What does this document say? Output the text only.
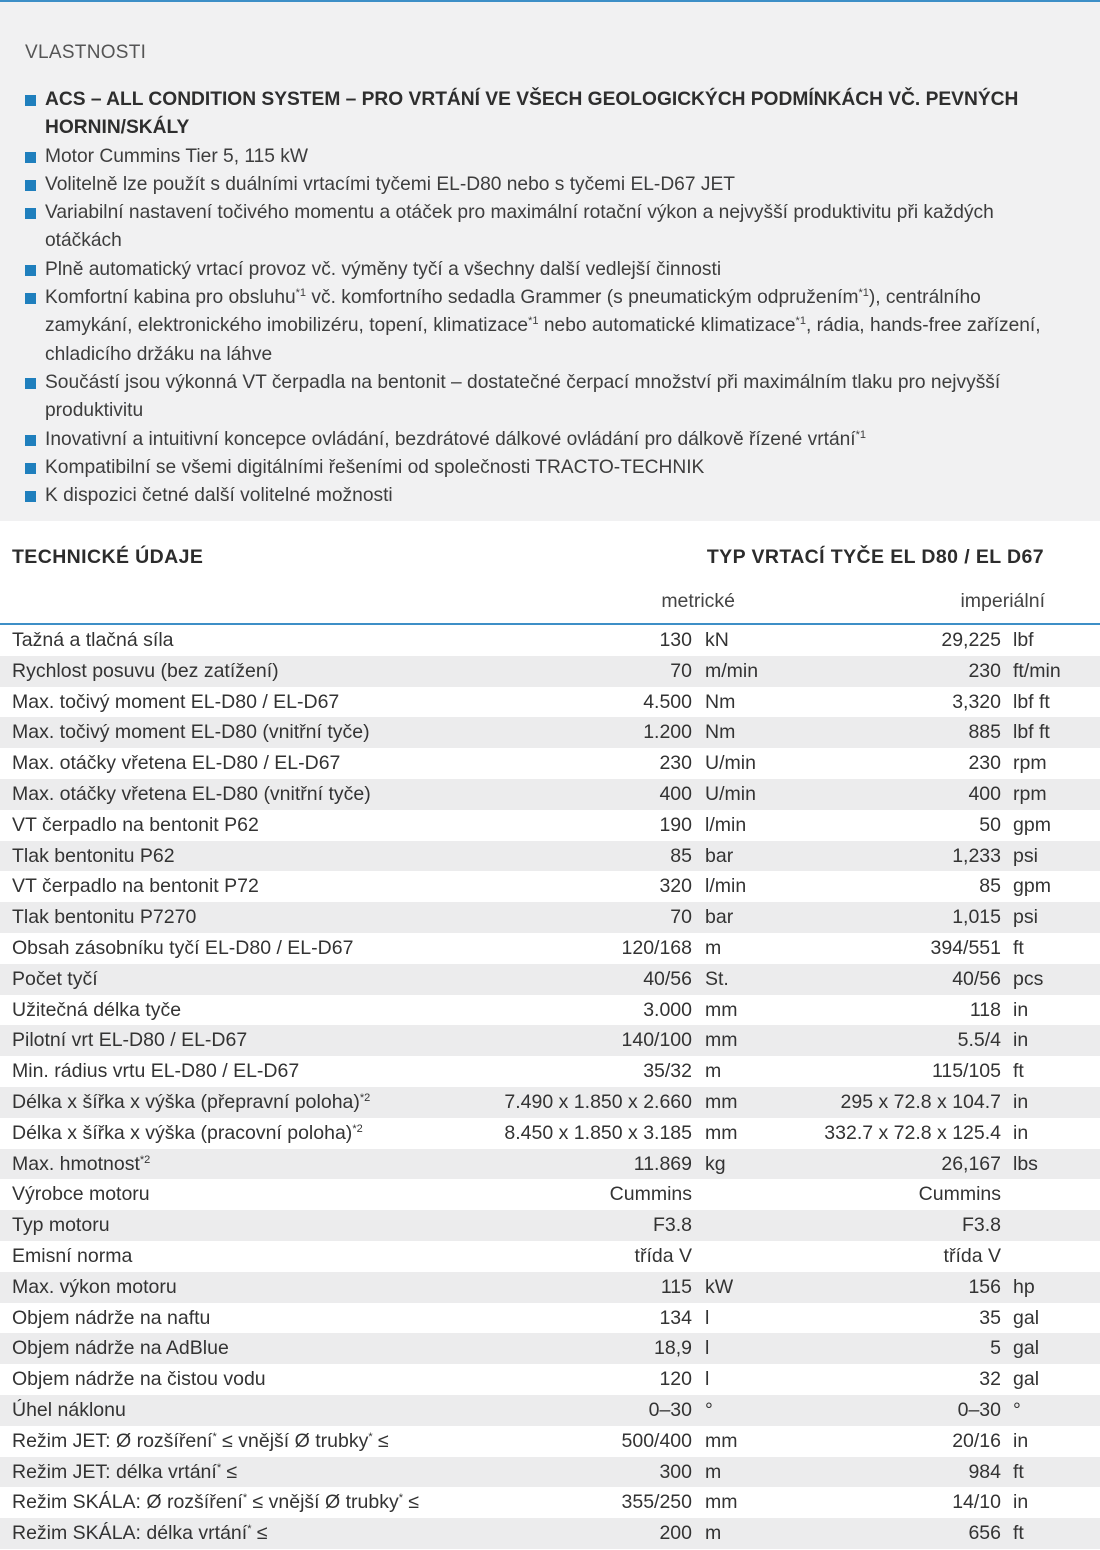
VLASTNOSTI
ACS – ALL CONDITION SYSTEM – PRO VRTÁNÍ VE VŠECH GEOLOGICKÝCH PODMÍNKÁCH VČ. PEVNÝCH HORNIN/SKÁLY
Motor Cummins Tier 5, 115 kW
Volitelně lze použít s duálními vrtacími tyčemi EL-D80 nebo s tyčemi EL-D67 JET
Variabilní nastavení točivého momentu a otáček pro maximální rotační výkon a nejvyšší produktivitu při každých otáčkách
Plně automatický vrtací provoz vč. výměny tyčí a všechny další vedlejší činnosti
Komfortní kabina pro obsluhu$^{*1}$ vč. komfortního sedadla Grammer (s pneumatickým odpružením$^{*1}$), centrálního zamykání, elektronického imobilizéru, topení, klimatizace$^{*1}$ nebo automatické klimatizace$^{*1}$, rádia, hands-free zařízení, chladicího držáku na láhve
Součástí jsou výkonná VT čerpadla na bentonit – dostatečné čerpací množství při maximálním tlaku pro nejvyšší produktivitu
Inovativní a intuitivní koncepce ovládání, bezdrátové dálkové ovládání pro dálkově řízené vrtání$^{*1}$
Kompatibilní se všemi digitálními řešeními od společnosti TRACTO-TECHNIK
K dispozici četné další volitelné možnosti
TECHNICKÉ ÚDAJE	TYP VRTACÍ TYČE EL D80 / EL D67
metrické	imperiální
Tažná a tlačná síla	130 kN	29,225 lbf
Rychlost posuvu (bez zatížení)	70 m/min	230 ft/min
Max. točivý moment EL-D80 / EL-D67	4.500 Nm	3,320 lbf ft
Max. točivý moment EL-D80 (vnitřní tyče)	1.200 Nm	885 lbf ft
Max. otáčky vřetena EL-D80 / EL-D67	230 U/min	230 rpm
Max. otáčky vřetena EL-D80 (vnitřní tyče)	400 U/min	400 rpm
VT čerpadlo na bentonit P62	190 l/min	50 gpm
Tlak bentonitu P62	85 bar	1,233 psi
VT čerpadlo na bentonit P72	320 l/min	85 gpm
Tlak bentonitu P7270	70 bar	1,015 psi
Obsah zásobníku tyčí EL-D80 / EL-D67	120/168 m	394/551 ft
Počet tyčí	40/56 St.	40/56 pcs
Užitečná délka tyče	3.000 mm	118 in
Pilotní vrt EL-D80 / EL-D67	140/100 mm	5.5/4 in
Min. rádius vrtu EL-D80 / EL-D67	35/32 m	115/105 ft
Délka x šířka x výška (přepravní poloha)$^{*2}$	7.490 x 1.850 x 2.660 mm	295 x 72.8 x 104.7 in
Délka x šířka x výška (pracovní poloha)$^{*2}$	8.450 x 1.850 x 3.185 mm	332.7 x 72.8 x 125.4 in
Max. hmotnost$^{*2}$	11.869 kg	26,167 lbs
Výrobce motoru	Cummins	Cummins
Typ motoru	F3.8	F3.8
Emisní norma	třída V	třída V
Max. výkon motoru	115 kW	156 hp
Objem nádrže na naftu	134 l	35 gal
Objem nádrže na AdBlue	18,9 l	5 gal
Objem nádrže na čistou vodu	120 l	32 gal
Úhel náklonu	0–30 °	0–30 °
Režim JET: Ø rozšíření* ≤ vnější Ø trubky* ≤	500/400 mm	20/16 in
Režim JET: délka vrtání* ≤	300 m	984 ft
Režim SKÁLA: Ø rozšíření* ≤ vnější Ø trubky* ≤	355/250 mm	14/10 in
Režim SKÁLA: délka vrtání* ≤	200 m	656 ft
